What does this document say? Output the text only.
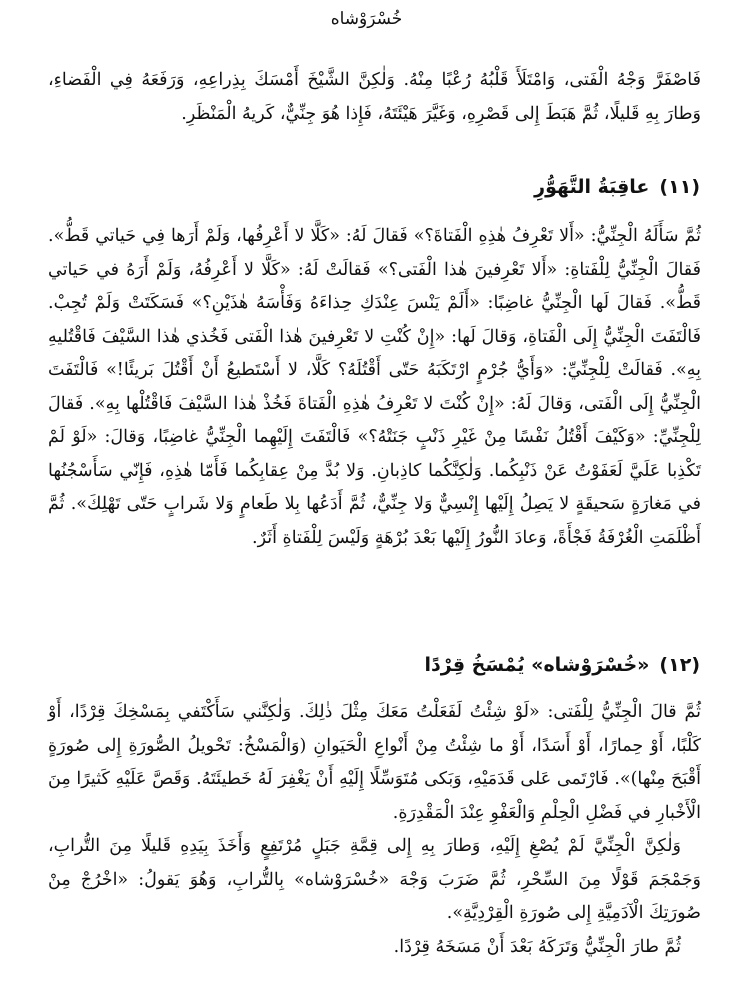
خُسْرَوْشاه

فَاصْفَرَّ وَجْهُ الْفَتى، وَامْتَلَأَ قَلْبُهُ رُعْبًا مِنْهُ. وَلٰكِنَّ الشَّيْخَ أَمْسَكَ بِذِراعِهِ، وَرَفَعَهُ فِي الْفَضاءِ، وَطارَ بِهِ قَليلًا، ثُمَّ هَبَطَ إِلى قَصْرِهِ، وَغَيَّرَ هَيْئَتَهُ، فَإِذا هُوَ جِنِّيٌّ، كَريهُ الْمَنْظَرِ.

(١١)عاقِبَةُ التَّهَوُّرِ

ثُمَّ سَأَلَهُ الْجِنِّيُّ: «أَلا تَعْرِفُ هٰذِهِ الْفَتاةَ؟» فَقالَ لَهُ: «كَلَّا لا أَعْرِفُها، وَلَمْ أَرَها فِي حَياتي قَطُّ». فَقالَ الْجِنِّيُّ لِلْفَتاةِ: «أَلا تَعْرِفينَ هٰذا الْفَتى؟» فَقالَتْ لَهُ: «كَلَّا لا أَعْرِفُهُ، وَلَمْ أَرَهُ في حَياتي قَطُّ». فَقالَ لَها الْجِنِّيُّ غاضِبًا: «أَلَمْ يَنْسَ عِنْدَكِ حِذاءَهُ وَفَأْسَهُ هٰذَيْنِ؟» فَسَكَتَتْ وَلَمْ تُجِبْ. فَالْتَفَتَ الْجِنِّيُّ إِلَى الْفَتاةِ، وَقالَ لَها: «إِنْ كُنْتِ لا تَعْرِفينَ هٰذا الْفَتى فَخُذي هٰذا السَّيْفَ فَاقْتُليهِ بِهِ». فَقالَتْ لِلْجِنِّيِّ: «وَأَيُّ جُرْمٍ ارْتَكَبَهُ حَتّى أَقْتُلَهُ؟ كَلَّا، لا أَسْتَطيعُ أَنْ أَقْتُلَ بَريئًا!» فَالْتَفَتَ الْجِنِّيُّ إِلَى الْفَتى، وَقالَ لَهُ: «إِنْ كُنْتَ لا تَعْرِفُ هٰذِهِ الْفَتاةَ فَخُذْ هٰذا السَّيْفَ فَاقْتُلْها بِهِ». فَقالَ لِلْجِنِّيِّ: «وَكَيْفَ أَقْتُلُ نَفْسًا مِنْ غَيْرِ ذَنْبٍ جَنَتْهُ؟» فَالْتَفَتَ إِلَيْهِما الْجِنِّيُّ غاضِبًا، وَقالَ: «لَوْ لَمْ تَكْذِبا عَلَيَّ لَعَفَوْتُ عَنْ ذَنْبِكُما. وَلٰكِنَّكُما كاذِبانِ. وَلا بُدَّ مِنْ عِقابِكُما فَأَمّا هٰذِهِ، فَإِنّي سَأَسْجُنُها في مَغارَةٍ سَحيقَةٍ لا يَصِلُ إِلَيْها إِنْسِيٌّ وَلا جِنِّيٌّ، ثُمَّ أَدَعُها بِلا طَعامٍ وَلا شَرابٍ حَتّى تَهْلِكَ». ثُمَّ أَظْلَمَتِ الْغُرْفَةُ فَجْأَةً، وَعادَ النُّورُ إِلَيْها بَعْدَ بُرْهَةٍ وَلَيْسَ لِلْفَتاةِ أَثَرٌ.

(١٢)«خُسْرَوْشاه» يُمْسَخُ قِرْدًا

ثُمَّ قالَ الْجِنِّيُّ لِلْفَتى: «لَوْ شِئْتُ لَفَعَلْتُ مَعَكَ مِثْلَ ذٰلِكَ. وَلٰكِنَّني سَأَكْتَفي بِمَسْخِكَ قِرْدًا، أَوْ كَلْبًا، أَوْ حِمارًا، أَوْ أَسَدًا، أَوْ ما شِئْتُ مِنْ أَنْواعِ الْحَيَوانِ (وَالْمَسْخُ: تَحْويلُ الصُّورَةِ إِلى صُورَةٍ أَقْبَحَ مِنْها)». فَارْتَمى عَلى قَدَمَيْهِ، وَبَكى مُتَوَسِّلًا إِلَيْهِ أَنْ يَغْفِرَ لَهُ خَطيئَتَهُ. وَقَصَّ عَلَيْهِ كَثيرًا مِنَ الْأَخْبارِ في فَضْلِ الْحِلْمِ وَالْعَفْوِ عِنْدَ الْمَقْدِرَةِ.

وَلٰكِنَّ الْجِنِّيَّ لَمْ يُصْغِ إِلَيْهِ، وَطارَ بِهِ إِلى قِمَّةِ جَبَلٍ مُرْتَفِعٍ وَأَخَذَ بِيَدِهِ قَليلًا مِنَ التُّرابِ، وَجَمْجَمَ قَوْلًا مِنَ السِّحْرِ، ثُمَّ ضَرَبَ وَجْهَ «خُسْرَوْشاه» بِالتُّرابِ، وَهُوَ يَقولُ: «اخْرُجْ مِنْ صُورَتِكَ الْآدَمِيَّةِ إِلى صُورَةِ الْقِرْدِيَّةِ».

ثُمَّ طارَ الْجِنِّيُّ وَتَرَكَهُ بَعْدَ أَنْ مَسَخَهُ قِرْدًا.
